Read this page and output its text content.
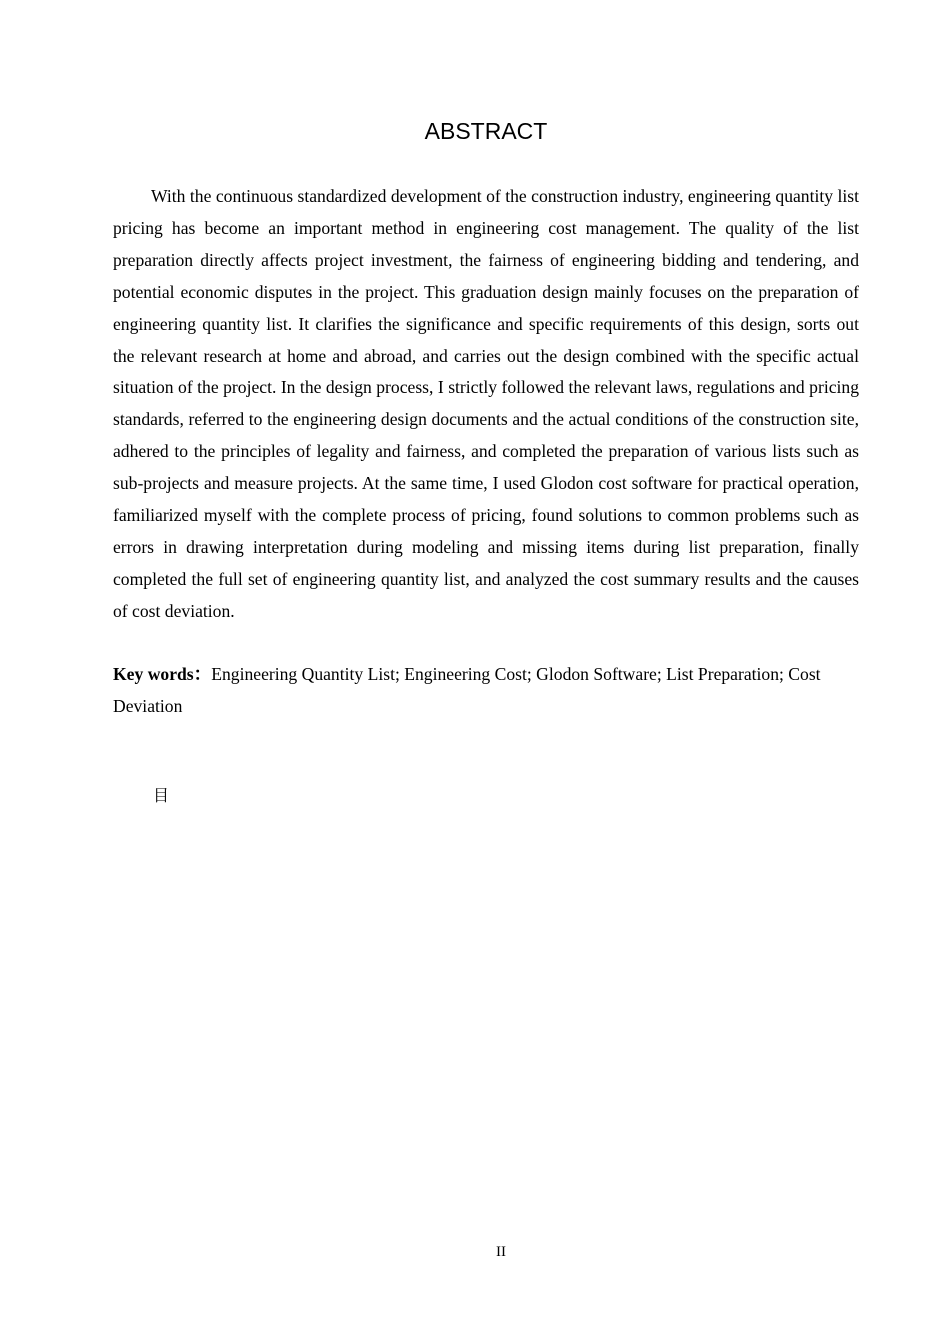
ABSTRACT

With the continuous standardized development of the construction industry, engineering quantity list pricing has become an important method in engineering cost management. The quality of the list preparation directly affects project investment, the fairness of engineering bidding and tendering, and potential economic disputes in the project. This graduation design mainly focuses on the preparation of engineering quantity list. It clarifies the significance and specific requirements of this design, sorts out the relevant research at home and abroad, and carries out the design combined with the specific actual situation of the project. In the design process, I strictly followed the relevant laws, regulations and pricing standards, referred to the engineering design documents and the actual conditions of the construction site, adhered to the principles of legality and fairness, and completed the preparation of various lists such as sub-projects and measure projects. At the same time, I used Glodon cost software for practical operation, familiarized myself with the complete process of pricing, found solutions to common problems such as errors in drawing interpretation during modeling and missing items during list preparation, finally completed the full set of engineering quantity list, and analyzed the cost summary results and the causes of cost deviation.

Key words：Engineering Quantity List; Engineering Cost; Glodon Software; List Preparation; Cost Deviation

目
II
